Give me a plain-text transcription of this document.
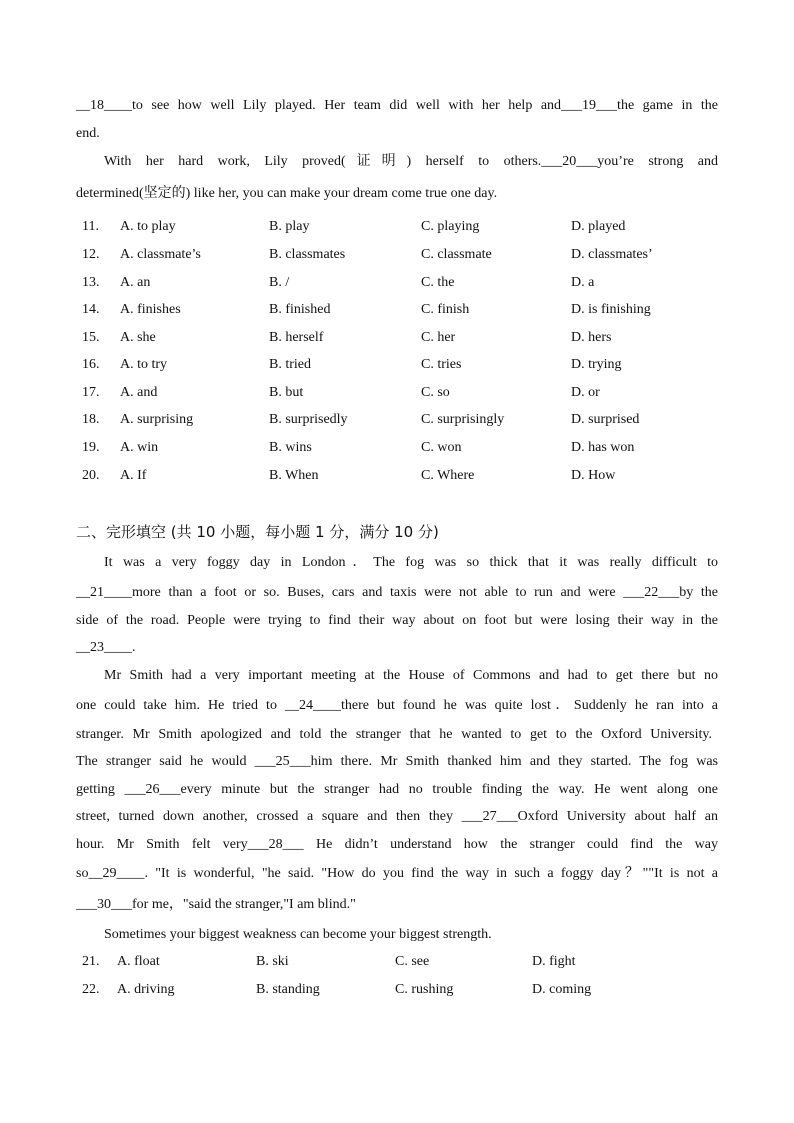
__18____to see how well Lily played. Her team did well with her help and___19___the game in the
end.
With her hard work, Lily proved(证明) herself to others.___20___you’re strong and
determined(坚定的) like her, you can make your dream come true one day.
11. A. to play	B. play	C. playing	D. played
12. A. classmate’s	B. classmates	C. classmate	D. classmates’
13. A. an	B. /	C. the	D. a
14. A. finishes	B. finished	C. finish	D. is finishing
15. A. she	B. herself	C. her	D. hers
16. A. to try	B. tried	C. tries	D. trying
17. A. and	B. but	C. so	D. or
18. A. surprising	B. surprisedly	C. surprisingly	D. surprised
19. A. win	B. wins	C. won	D. has won
20. A. If	B. When	C. Where	D. How
二、完形填空 (共 10 小题，每小题 1 分，满分 10 分)
It was a very foggy day in London．The fog was so thick that it was really difficult to
__21____more than a foot or so. Buses, cars and taxis were not able to run and were ___22___by the
side of the road. People were trying to find their way about on foot but were losing their way in the
__23____.
Mr Smith had a very important meeting at the House of Commons and had to get there but no
one could take him. He tried to __24____there but found he was quite lost．Suddenly he ran into a
stranger. Mr Smith apologized and told the stranger that he wanted to get to the Oxford University.
The stranger said he would ___25___him there. Mr Smith thanked him and they started. The fog was
getting ___26___every minute but the stranger had no trouble finding the way. He went along one
street, turned down another, crossed a square and then they ___27___Oxford University about half an
hour. Mr Smith felt very___28___ He didn’t understand how the stranger could find the way
so__29____. "It is wonderful, "he said. "How do you find the way in such a foggy day？""It is not a
___30___for me，"said the stranger,"I am blind."
Sometimes your biggest weakness can become your biggest strength.
21. A. float	B. ski	C. see	D. fight
22. A. driving	B. standing	C. rushing	D. coming
